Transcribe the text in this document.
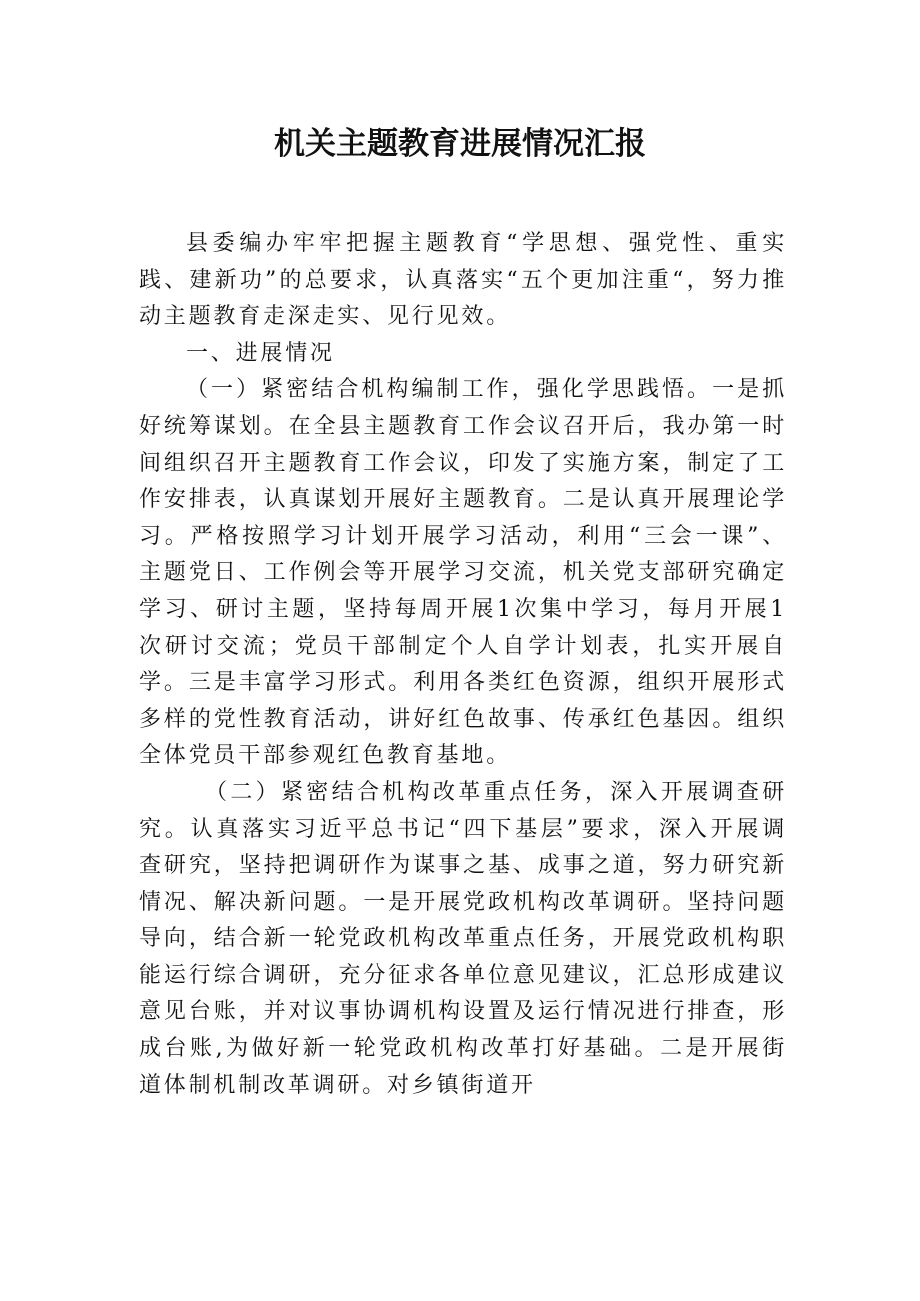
机关主题教育进展情况汇报

县委编办牢牢把握主题教育“学思想、强党性、重实践、建新功”的总要求，认真落实“五个更加注重“，努力推动主题教育走深走实、见行见效。

一、进展情况

（一）紧密结合机构编制工作，强化学思践悟。一是抓好统筹谋划。在全县主题教育工作会议召开后，我办第一时间组织召开主题教育工作会议，印发了实施方案，制定了工作安排表，认真谋划开展好主题教育。二是认真开展理论学习。严格按照学习计划开展学习活动，利用“三会一课”、主题党日、工作例会等开展学习交流，机关党支部研究确定学习、研讨主题，坚持每周开展1次集中学习，每月开展1次研讨交流；党员干部制定个人自学计划表，扎实开展自学。三是丰富学习形式。利用各类红色资源，组织开展形式多样的党性教育活动，讲好红色故事、传承红色基因。组织全体党员干部参观红色教育基地。

（二）紧密结合机构改革重点任务，深入开展调查研究。认真落实习近平总书记“四下基层”要求，深入开展调查研究，坚持把调研作为谋事之基、成事之道，努力研究新情况、解决新问题。一是开展党政机构改革调研。坚持问题导向，结合新一轮党政机构改革重点任务，开展党政机构职能运行综合调研，充分征求各单位意见建议，汇总形成建议意见台账，并对议事协调机构设置及运行情况进行排查，形成台账,为做好新一轮党政机构改革打好基础。二是开展街道体制机制改革调研。对乡镇街道开
